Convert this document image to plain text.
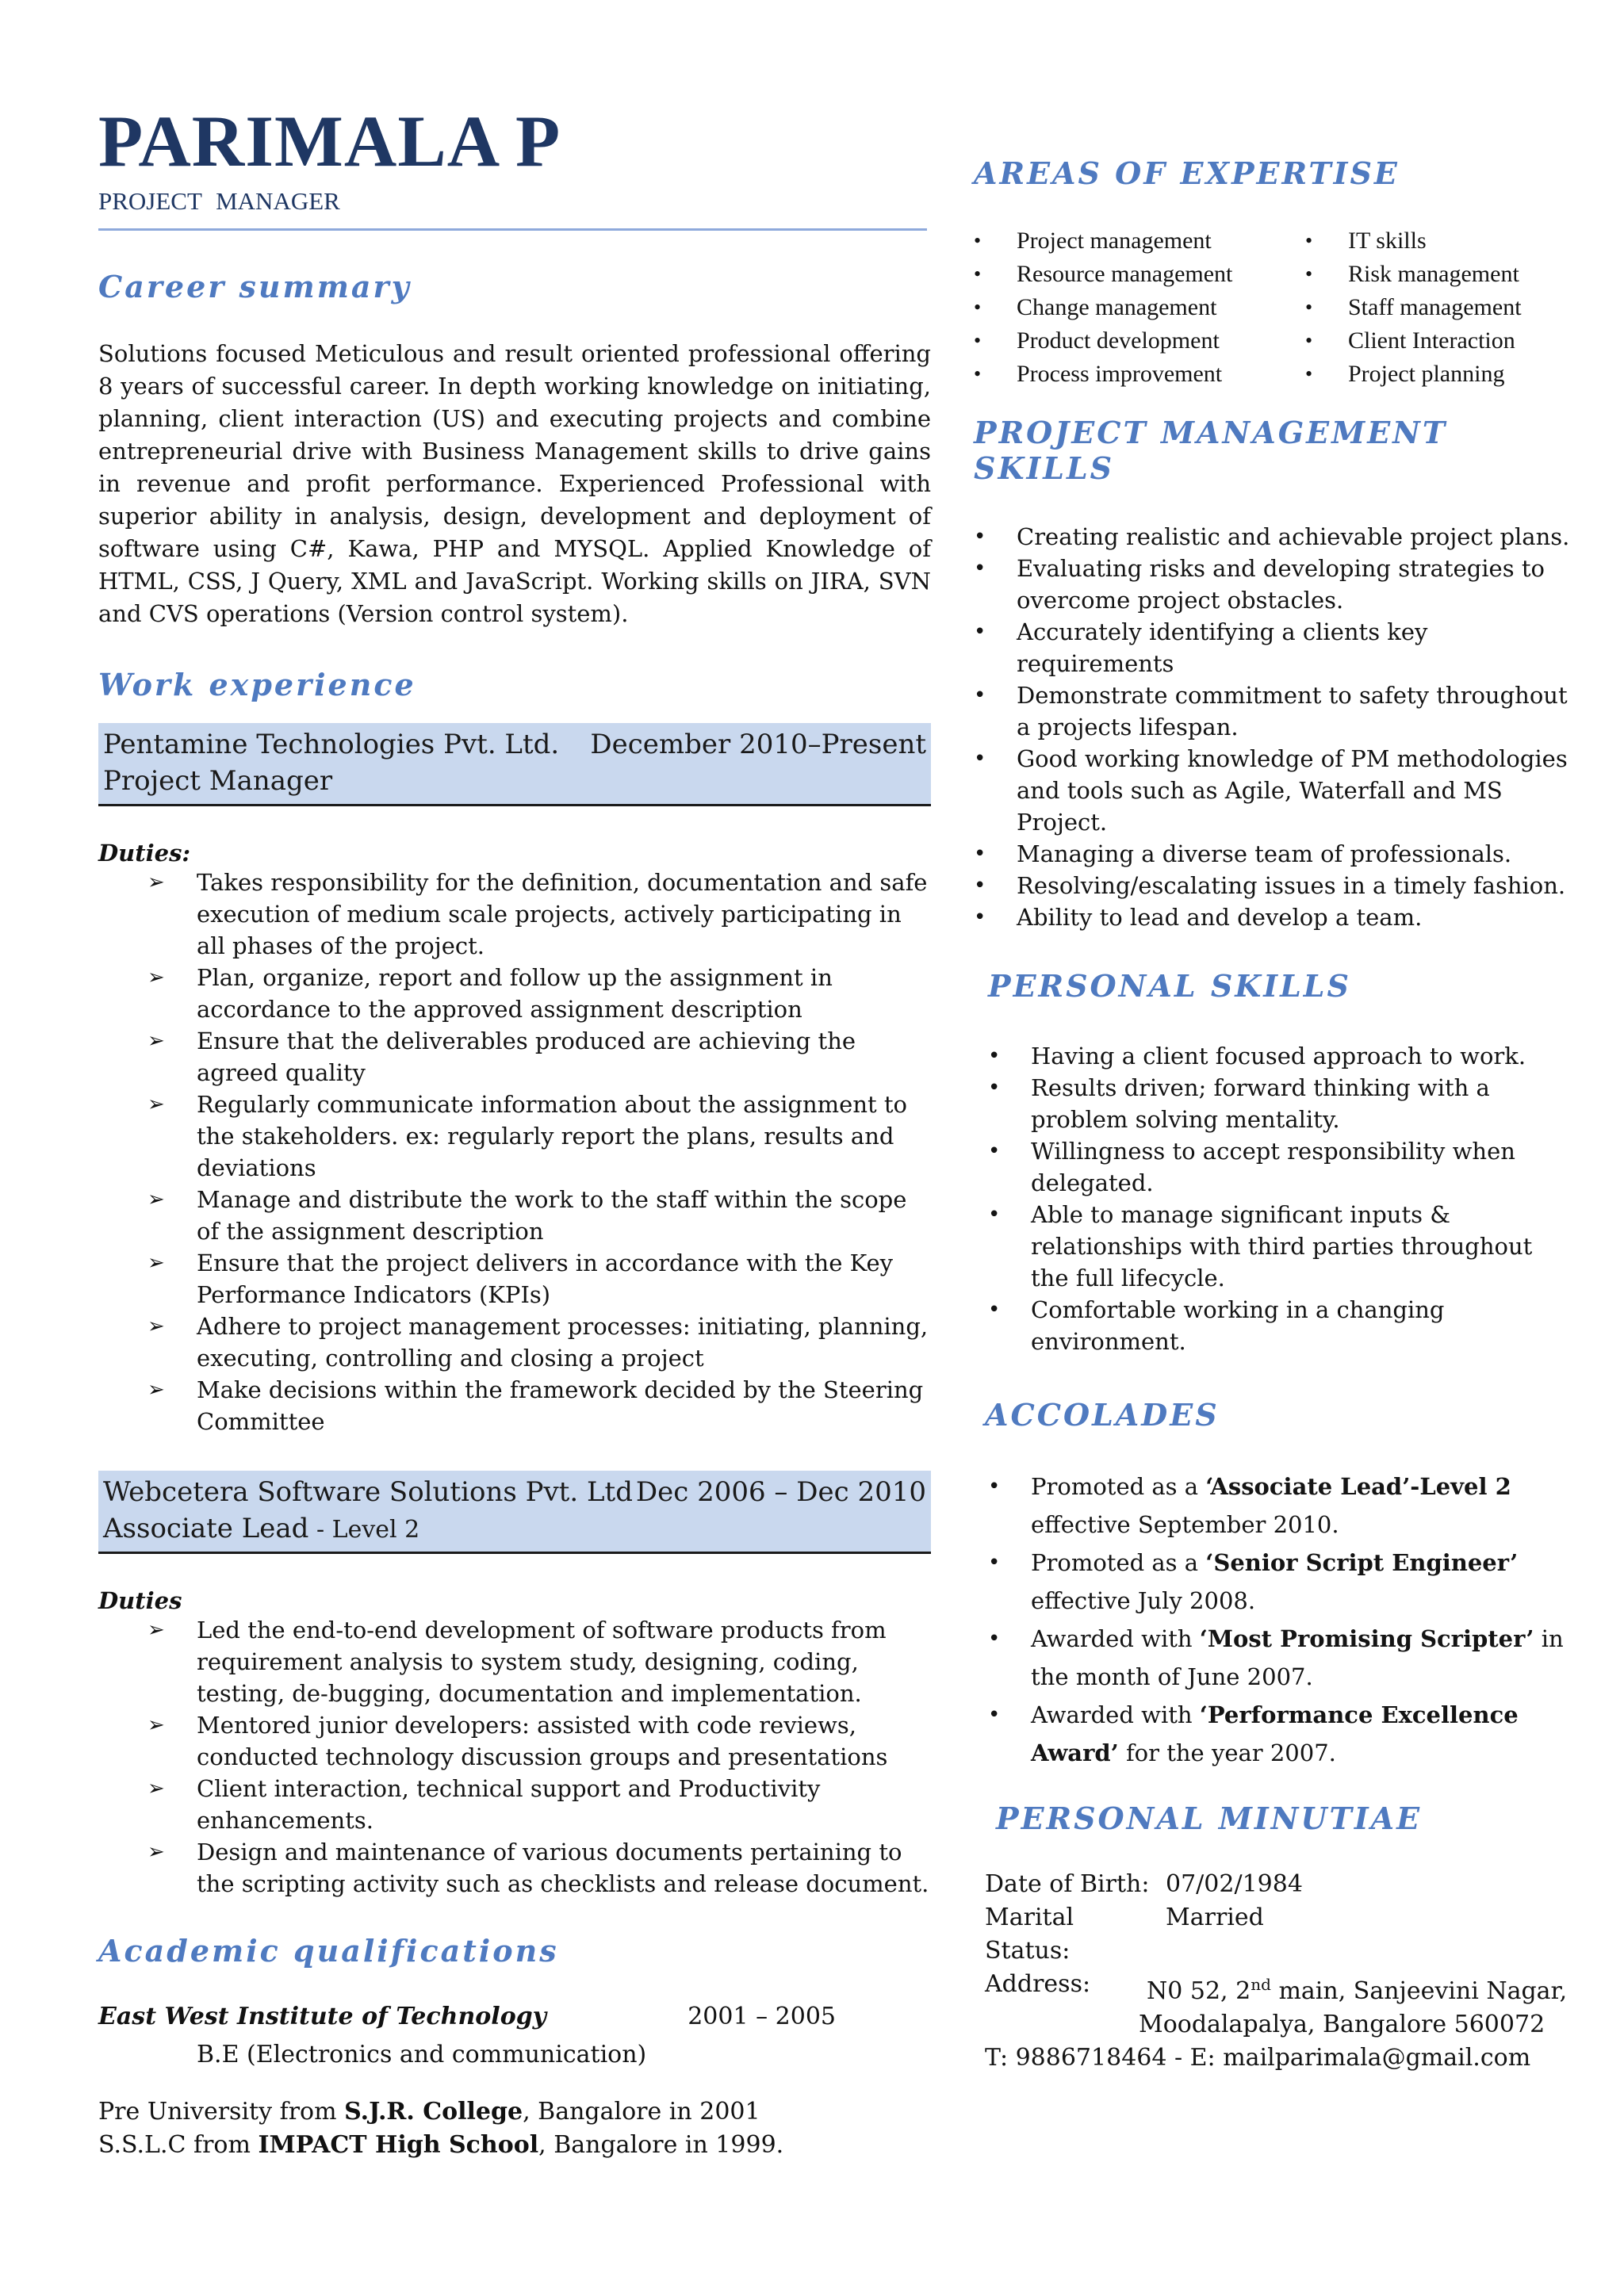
PARIMALA P
PROJECT MANAGER
Career summary

Solutions focused Meticulous and result oriented professional offering 8 years of successful career. In depth working knowledge on initiating, planning, client interaction (US) and executing projects and combine entrepreneurial drive with Business Management skills to drive gains in revenue and profit performance. Experienced Professional with superior ability in analysis, design, development and deployment of software using C#, Kawa, PHP and MYSQL. Applied Knowledge of HTML, CSS, J Query, XML and JavaScript. Working skills on JIRA, SVN and CVS operations (Version control system).

Work experience
Pentamine Technologies Pvt. Ltd. December 2010–Present
Project Manager

Duties:

➢ Takes responsibility for the definition, documentation and safe execution of medium scale projects, actively participating in all phases of the project.
➢ Plan, organize, report and follow up the assignment in accordance to the approved assignment description
➢ Ensure that the deliverables produced are achieving the agreed quality
➢ Regularly communicate information about the assignment to the stakeholders. ex: regularly report the plans, results and deviations
➢ Manage and distribute the work to the staff within the scope of the assignment description
➢ Ensure that the project delivers in accordance with the Key Performance Indicators (KPIs)
➢ Adhere to project management processes: initiating, planning, executing, controlling and closing a project
➢ Make decisions within the framework decided by the Steering Committee
Webcetera Software Solutions Pvt. Ltd Dec 2006 – Dec 2010
Associate Lead - Level 2

Duties

➢ Led the end-to-end development of software products from requirement analysis to system study, designing, coding, testing, de-bugging, documentation and implementation.
➢ Mentored junior developers: assisted with code reviews, conducted technology discussion groups and presentations
➢ Client interaction, technical support and Productivity enhancements.
➢ Design and maintenance of various documents pertaining to the scripting activity such as checklists and release document.
Academic qualifications
East West Institute of Technology	2001 – 2005
B.E (Electronics and communication)
Pre University from S.J.R. College, Bangalore in 2001
S.S.L.C from IMPACT High School, Bangalore in 1999.
AREAS OF EXPERTISE
• Project management
• Resource management
• Change management
• Product development
• Process improvement
• IT skills
• Risk management
• Staff management
• Client Interaction
• Project planning
PROJECT MANAGEMENT SKILLS
• Creating realistic and achievable project plans.
• Evaluating risks and developing strategies to overcome project obstacles.
• Accurately identifying a clients key requirements
• Demonstrate commitment to safety throughout a projects lifespan.
• Good working knowledge of PM methodologies and tools such as Agile, Waterfall and MS Project.
• Managing a diverse team of professionals.
• Resolving/escalating issues in a timely fashion.
• Ability to lead and develop a team.
PERSONAL SKILLS
• Having a client focused approach to work.
• Results driven; forward thinking with a problem solving mentality.
• Willingness to accept responsibility when delegated.
• Able to manage significant inputs & relationships with third parties throughout the full lifecycle.
• Comfortable working in a changing environment.
ACCOLADES
• Promoted as a ‘Associate Lead’-Level 2 effective September 2010.
• Promoted as a ‘Senior Script Engineer’ effective July 2008.
• Awarded with ‘Most Promising Scripter’ in the month of June 2007.
• Awarded with ‘Performance Excellence Award’ for the year 2007.
PERSONAL MINUTIAE
Date of Birth: 07/02/1984
Marital Status:
Married
Address:	N0 52, 2nd main, Sanjeevini Nagar,
Moodalapalya, Bangalore 560072
T: 9886718464 - E: mailparimala@gmail.com
